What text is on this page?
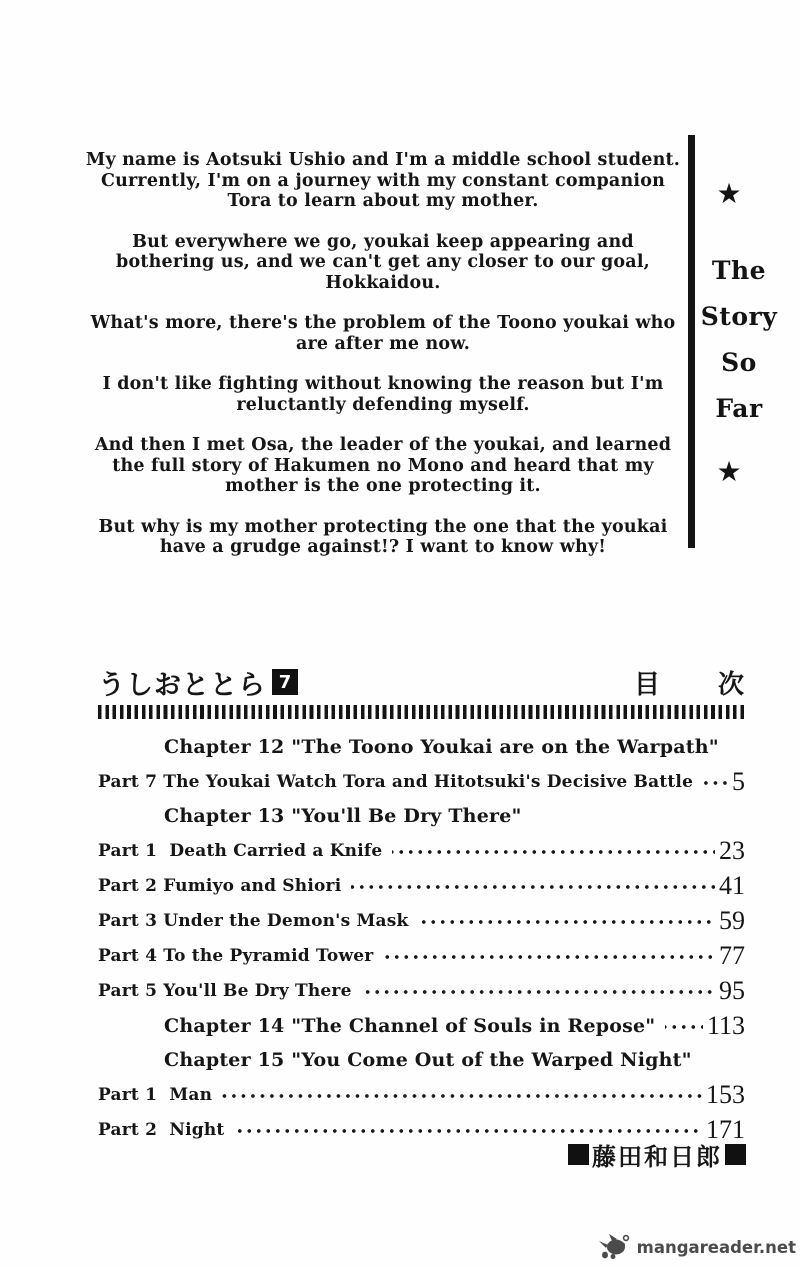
My name is Aotsuki Ushio and I'm a middle school student. Currently, I'm on a journey with my constant companion Tora to learn about my mother.

But everywhere we go, youkai keep appearing and bothering us, and we can't get any closer to our goal, Hokkaidou.

What's more, there's the problem of the Toono youkai who are after me now.

I don't like fighting without knowing the reason but I'm reluctantly defending myself.

And then I met Osa, the leader of the youkai, and learned the full story of Hakumen no Mono and heard that my mother is the one protecting it.

But why is my mother protecting the one that the youkai have a grudge against!? I want to know why!

★
The
Story
So
Far
★
うしおととら 7	目 次
Chapter 12 "The Toono Youkai are on the Warpath"
Part 7 The Youkai Watch Tora and Hitotsuki's Decisive Battle 5
Chapter 13 "You'll Be Dry There"
Part 1  Death Carried a Knife	23
Part 2 Fumiyo and Shiori	41
Part 3 Under the Demon's Mask	59
Part 4 To the Pyramid Tower	77
Part 5 You'll Be Dry There	95
Chapter 14 "The Channel of Souls in Repose" 113
Chapter 15 "You Come Out of the Warped Night"
Part 1  Man	153
Part 2  Night	171
藤田和日郎
mangareader.net
